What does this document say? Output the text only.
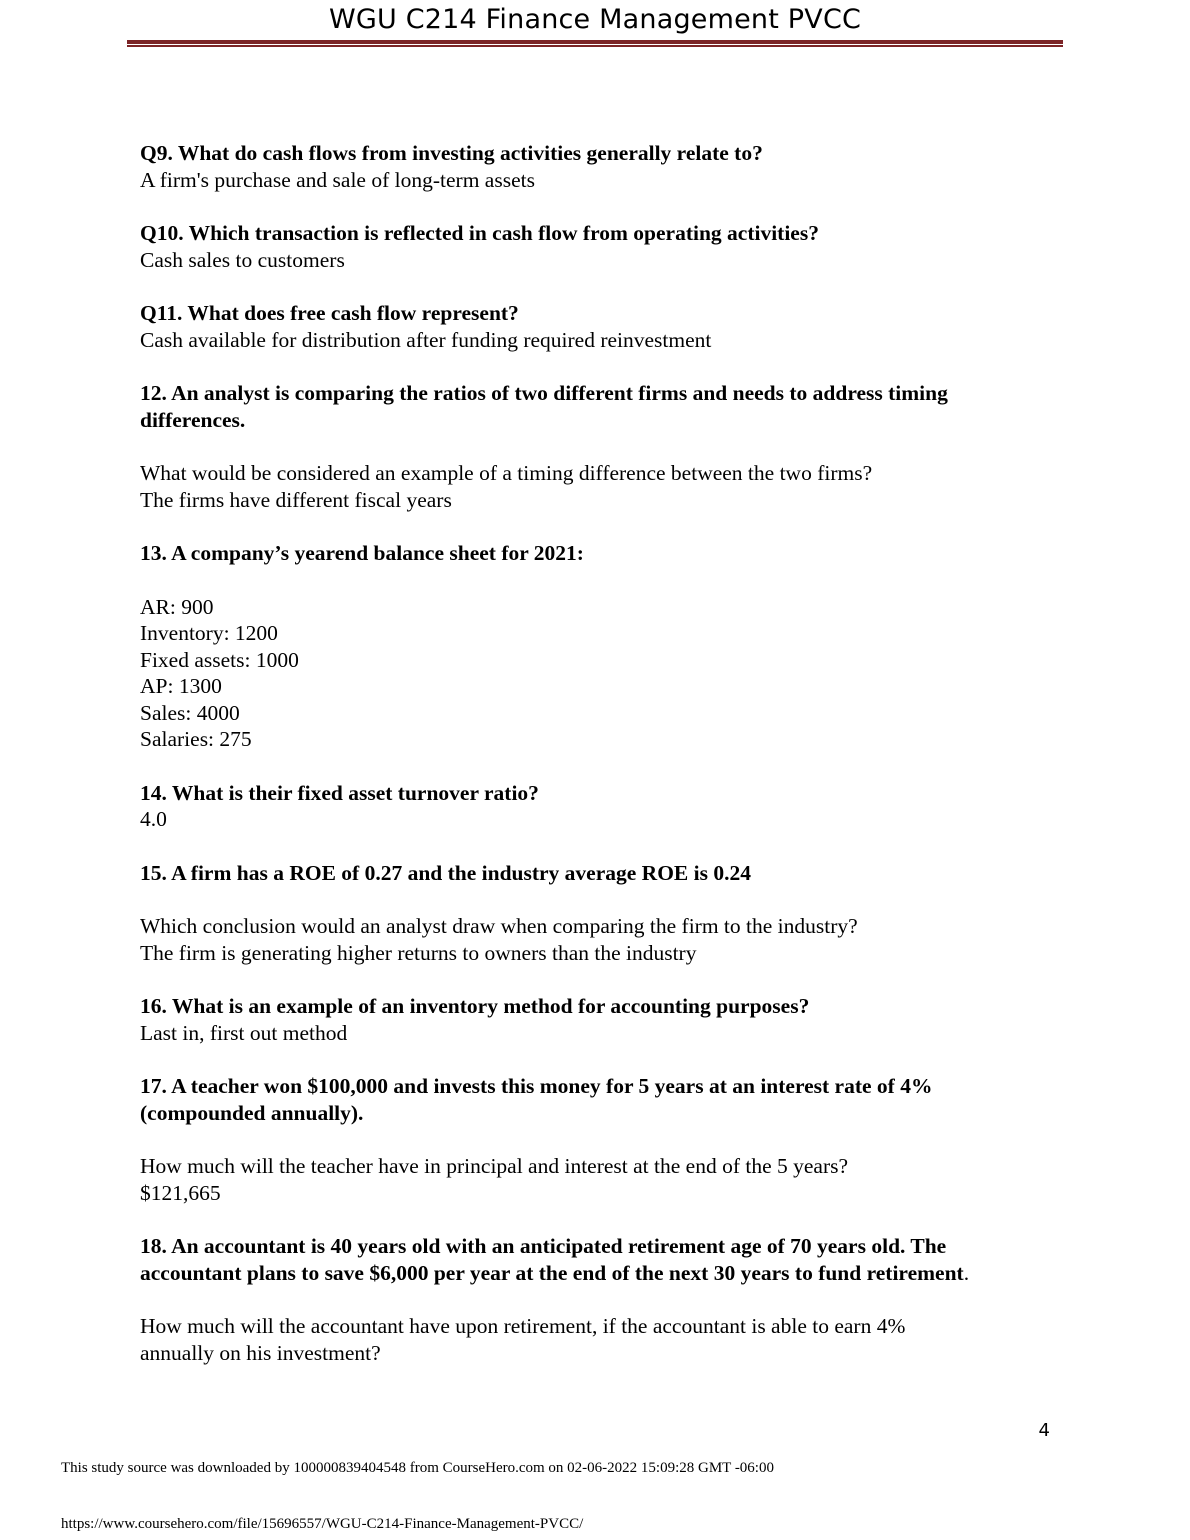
WGU C214 Finance Management PVCC
Q9. What do cash flows from investing activities generally relate to?
A firm's purchase and sale of long-term assets
Q10. Which transaction is reflected in cash flow from operating activities?
Cash sales to customers
Q11. What does free cash flow represent?
Cash available for distribution after funding required reinvestment
12. An analyst is comparing the ratios of two different firms and needs to address timing
differences.
What would be considered an example of a timing difference between the two firms?
The firms have different fiscal years
13. A company’s yearend balance sheet for 2021:
AR: 900
Inventory: 1200
Fixed assets: 1000
AP: 1300
Sales: 4000
Salaries: 275
14. What is their fixed asset turnover ratio?
4.0
15. A firm has a ROE of 0.27 and the industry average ROE is 0.24
Which conclusion would an analyst draw when comparing the firm to the industry?
The firm is generating higher returns to owners than the industry
16. What is an example of an inventory method for accounting purposes?
Last in, first out method
17. A teacher won $100,000 and invests this money for 5 years at an interest rate of 4%
(compounded annually).
How much will the teacher have in principal and interest at the end of the 5 years?
$121,665
18. An accountant is 40 years old with an anticipated retirement age of 70 years old. The
accountant plans to save $6,000 per year at the end of the next 30 years to fund retirement.
How much will the accountant have upon retirement, if the accountant is able to earn 4%
annually on his investment?
4
This study source was downloaded by 100000839404548 from CourseHero.com on 02-06-2022 15:09:28 GMT -06:00
https://www.coursehero.com/file/15696557/WGU-C214-Finance-Management-PVCC/
